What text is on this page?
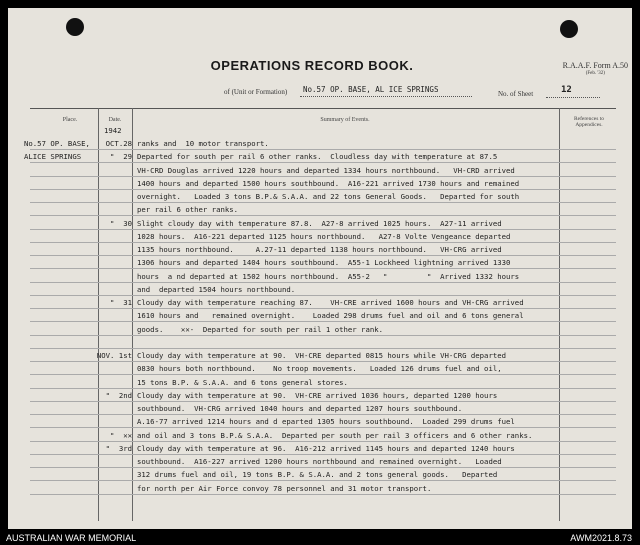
OPERATIONS RECORD BOOK.	R.A.A.F. Form A.50
(Feb. '32)
of (Unit or Formation) No.57 OP. BASE, AL ICE SPRINGS	No. of Sheet	12
Place.	Date.	Summary of Events.	References to Appendices.
1942
No.57 OP. BASE,	OCT.28 ranks and  10 motor transport.
ALICE SPRINGS	"  29 Departed for south per rail 6 other ranks.  Cloudless day with temperature at 87.5
VH-CRD Douglas arrived 1220 hours and departed 1334 hours northbound.   VH-CRD arrived
1400 hours and departed 1500 hours southbound.  A16-221 arrived 1730 hours and remained
overnight.   Loaded 3 tons B.P.& S.A.A. and 22 tons General Goods.   Departed for south
per rail 6 other ranks.
"  30 Slight cloudy day with temperature 87.8.  A27-8 arrived 1025 hours.  A27-11 arrived
1028 hours.  A16-221 departed 1125 hours northbound.   A27-8 Volte Vengeance departed
1135 hours northbound.     A.27-11 departed 1138 hours northbound.   VH-CRG arrived
1306 hours and departed 1404 hours southbound.  A55-1 Lockheed lightning arrived 1330
hours  a nd departed at 1502 hours northbound.  A55-2   "         "  Arrived 1332 hours
and  departed 1504 hours northbound.
"  31 Cloudy day with temperature reaching 87.    VH-CRE arrived 1600 hours and VH-CRG arrived
1610 hours and   remained overnight.    Loaded 298 drums fuel and oil and 6 tons general
goods.    ✕✕-  Departed for south per rail 1 other rank.
NOV. 1st Cloudy day with temperature at 90.  VH-CRE departed 0815 hours while VH-CRG departed
0830 hours both northbound.    No troop movements.   Loaded 126 drums fuel and oil,
15 tons B.P. & S.A.A. and 6 tons general stores.
"  2nd Cloudy day with temperature at 90.  VH-CRE arrived 1036 hours, departed 1200 hours
southbound.  VH-CRG arrived 1040 hours and departed 1207 hours southbound.
A.16-77 arrived 1214 hours and d eparted 1305 hours southbound.  Loaded 299 drums fuel
"  ✕✕ and oil and 3 tons B.P.& S.A.A.  Departed per south per rail 3 officers and 6 other ranks.
"  3rd Cloudy day with temperature at 96.  A16-212 arrived 1145 hours and departed 1240 hours
southbound.  A16-227 arrived 1200 hours northbound and remained overnight.   Loaded
312 drums fuel and oil, 19 tons B.P. & S.A.A. and 2 tons general goods.   Departed
for north per Air Force convoy 78 personnel and 31 motor transport.
AUSTRALIAN WAR MEMORIAL	AWM2021.8.73
